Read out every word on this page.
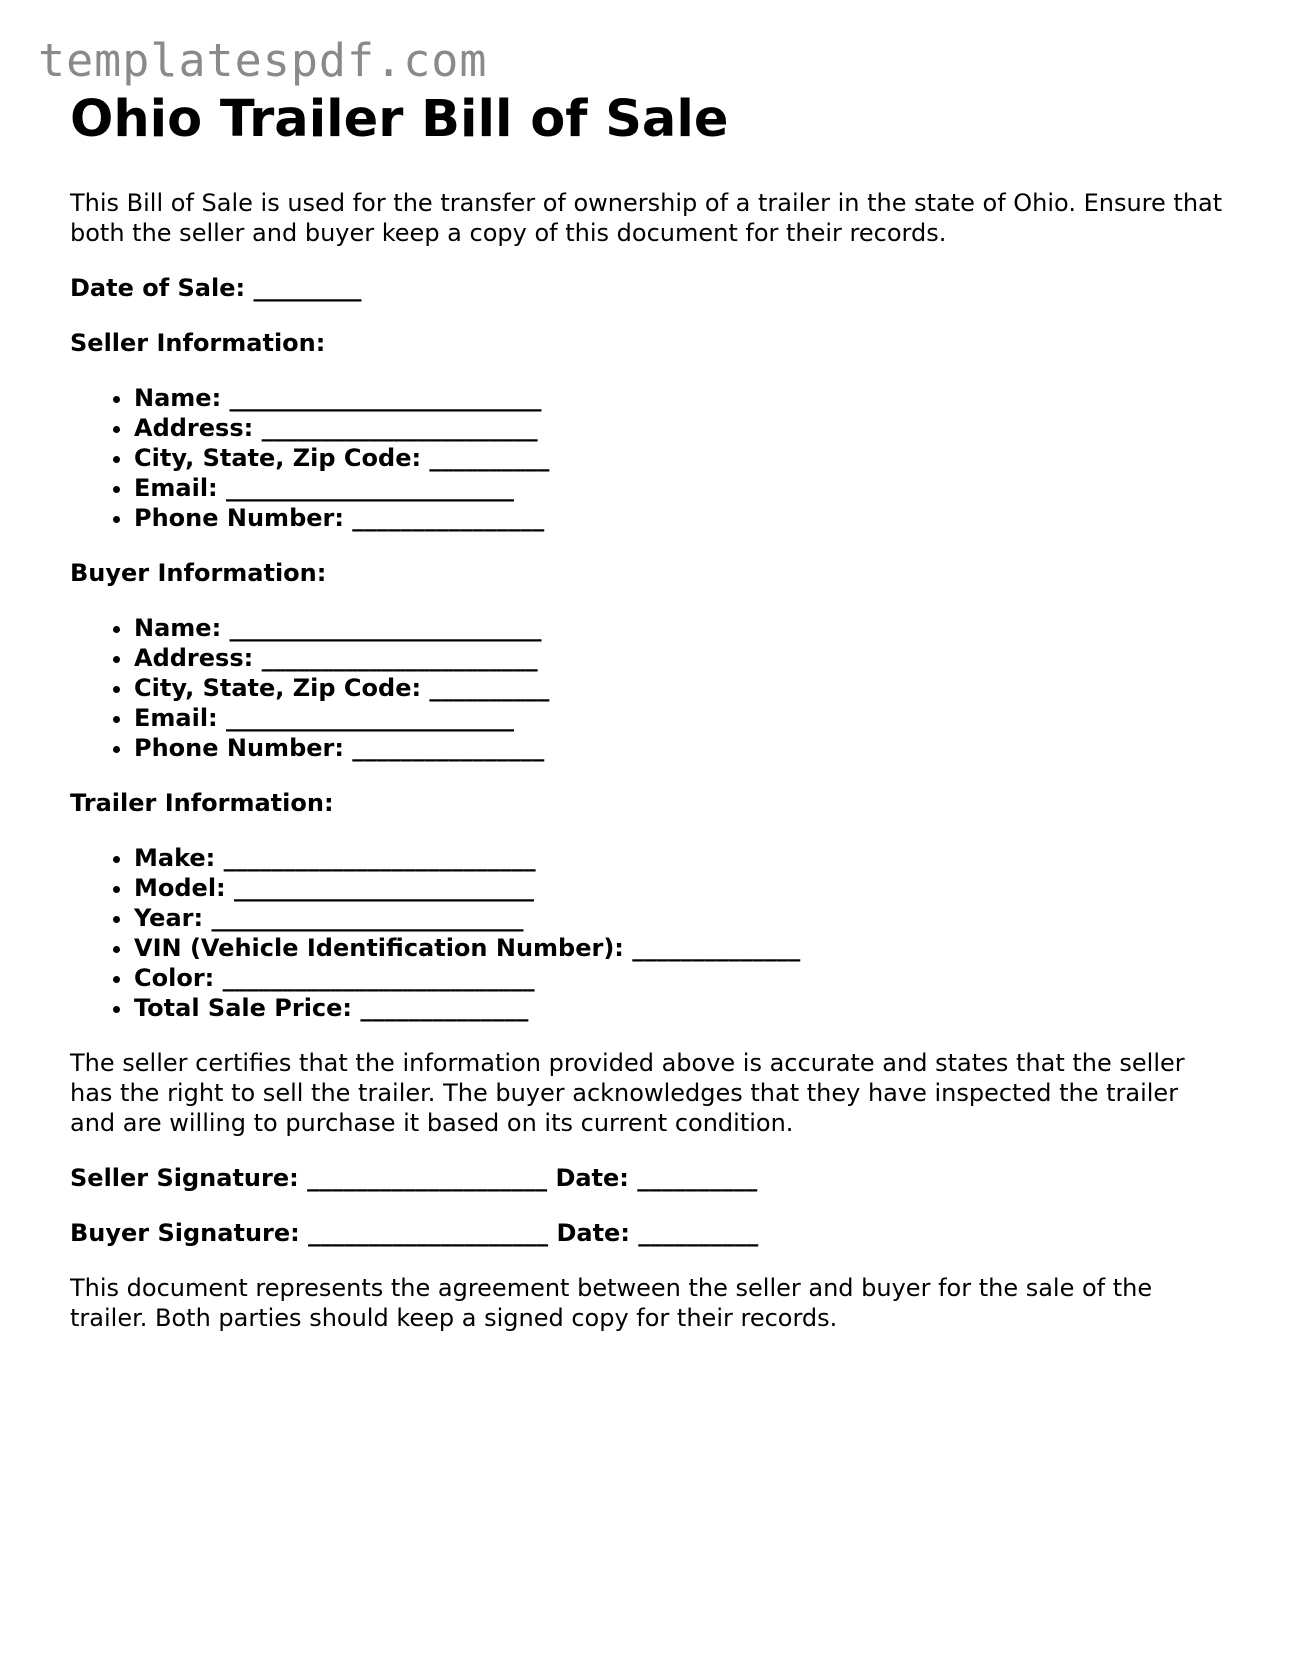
templatespdf.com
Ohio Trailer Bill of Sale

This Bill of Sale is used for the transfer of ownership of a trailer in the state of Ohio. Ensure that both the seller and buyer keep a copy of this document for their records.

Date of Sale: _________
Seller Information:
• Name: __________________________
• Address: _______________________
• City, State, Zip Code: __________
• Email: ________________________
• Phone Number: ________________
Buyer Information:
• Name: __________________________
• Address: _______________________
• City, State, Zip Code: __________
• Email: ________________________
• Phone Number: ________________
Trailer Information:
• Make: __________________________
• Model: _________________________
• Year: __________________________
• VIN (Vehicle Identification Number): ______________
• Color: __________________________
• Total Sale Price: ______________

The seller certifies that the information provided above is accurate and states that the seller has the right to sell the trailer. The buyer acknowledges that they have inspected the trailer and are willing to purchase it based on its current condition.

Seller Signature: ____________________ Date: __________
Buyer Signature: ____________________ Date: __________

This document represents the agreement between the seller and buyer for the sale of the trailer. Both parties should keep a signed copy for their records.
